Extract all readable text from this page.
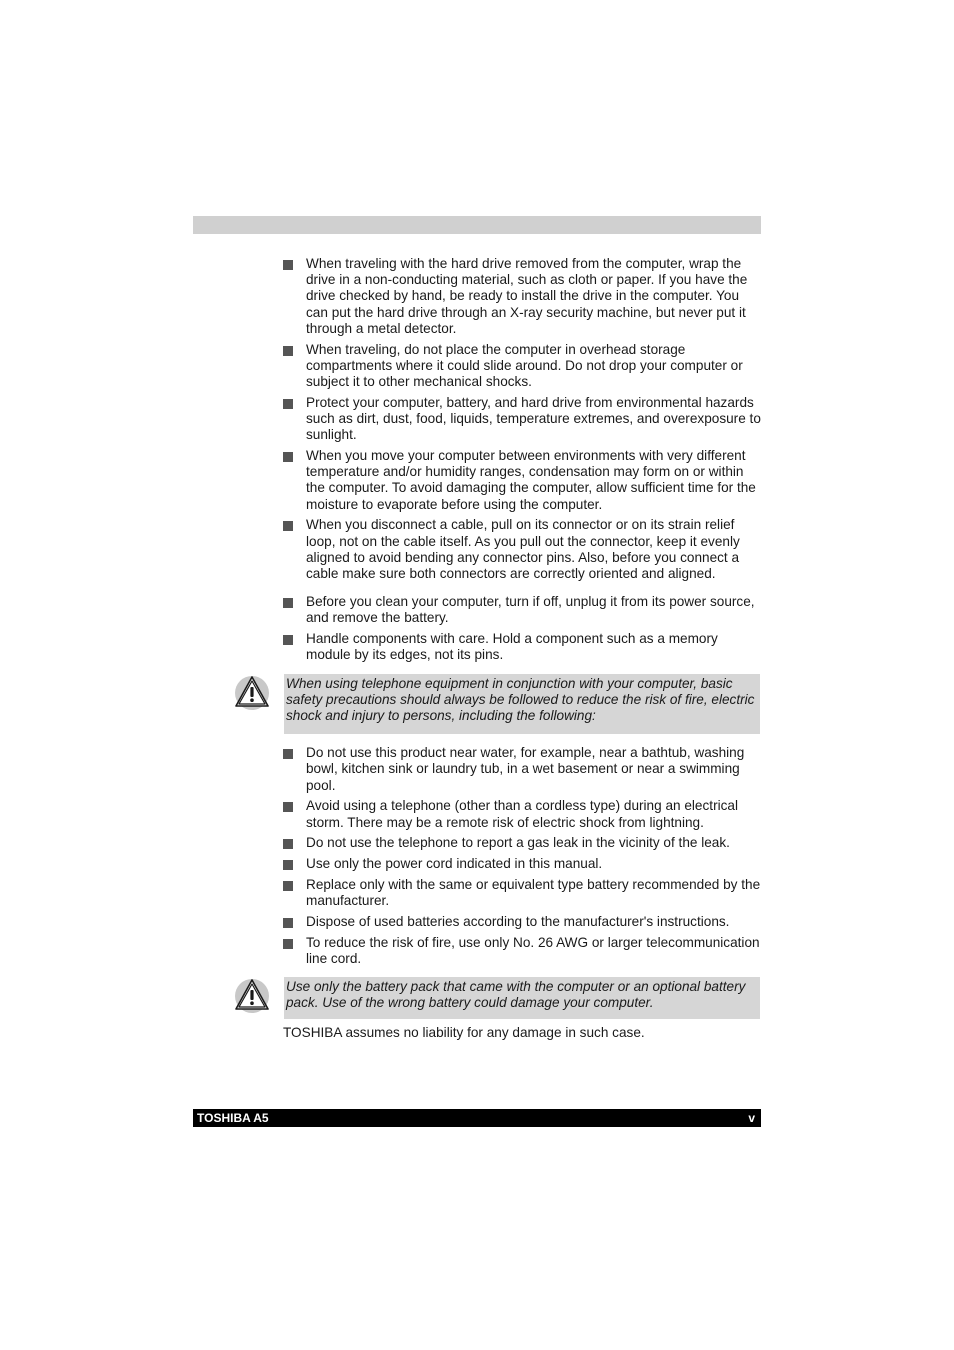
When traveling with the hard drive removed from the computer, wrap the drive in a non-conducting material, such as cloth or paper. If you have the drive checked by hand, be ready to install the drive in the computer. You can put the hard drive through an X-ray security machine, but never put it through a metal detector.
When traveling, do not place the computer in overhead storage compartments where it could slide around. Do not drop your computer or subject it to other mechanical shocks.
Protect your computer, battery, and hard drive from environmental hazards such as dirt, dust, food, liquids, temperature extremes, and overexposure to sunlight.
When you move your computer between environments with very different temperature and/or humidity ranges, condensation may form on or within the computer. To avoid damaging the computer, allow sufficient time for the moisture to evaporate before using the computer.
When you disconnect a cable, pull on its connector or on its strain relief loop, not on the cable itself. As you pull out the connector, keep it evenly aligned to avoid bending any connector pins. Also, before you connect a cable make sure both connectors are correctly oriented and aligned.
Before you clean your computer, turn if off, unplug it from its power source, and remove the battery.
Handle components with care. Hold a component such as a memory module by its edges, not its pins.
When using telephone equipment in conjunction with your computer, basic safety precautions should always be followed to reduce the risk of fire, electric shock and injury to persons, including the following:
Do not use this product near water, for example, near a bathtub, washing bowl, kitchen sink or laundry tub, in a wet basement or near a swimming pool.
Avoid using a telephone (other than a cordless type) during an electrical storm. There may be a remote risk of electric shock from lightning.
Do not use the telephone to report a gas leak in the vicinity of the leak.
Use only the power cord indicated in this manual.
Replace only with the same or equivalent type battery recommended by the manufacturer.
Dispose of used batteries according to the manufacturer's instructions.
To reduce the risk of fire, use only No. 26 AWG or larger telecommunication line cord.
Use only the battery pack that came with the computer or an optional battery pack. Use of the wrong battery could damage your computer.

TOSHIBA assumes no liability for any damage in such case.

TOSHIBA A5	v
